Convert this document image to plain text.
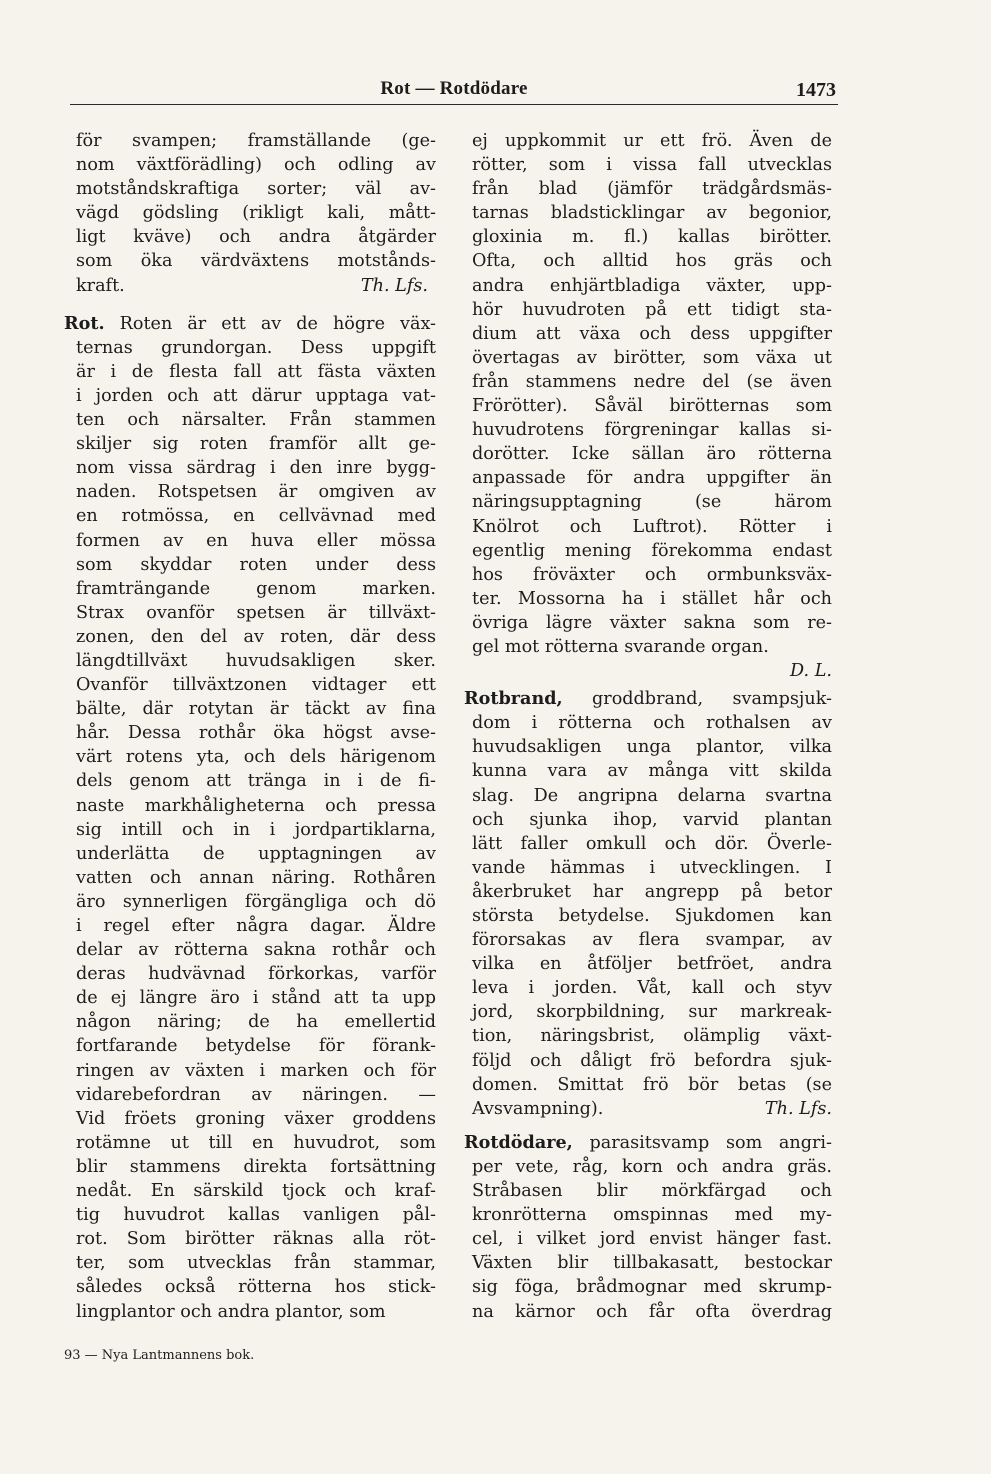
Rot — Rotdödare	1473
för svampen; framställande (ge-
nom växtförädling) och odling av
motståndskraftiga sorter; väl av-
vägd gödsling (rikligt kali, mått-
ligt kväve) och andra åtgärder
som öka värdväxtens motstånds-
kraft.	Th. Lfs.
Rot. Roten är ett av de högre väx-
ternas grundorgan. Dess uppgift
är i de flesta fall att fästa växten
i jorden och att därur upptaga vat-
ten och närsalter. Från stammen
skiljer sig roten framför allt ge-
nom vissa särdrag i den inre bygg-
naden. Rotspetsen är omgiven av
en rotmössa, en cellvävnad med
formen av en huva eller mössa
som skyddar roten under dess
framträngande genom marken.
Strax ovanför spetsen är tillväxt-
zonen, den del av roten, där dess
längdtillväxt huvudsakligen sker.
Ovanför tillväxtzonen vidtager ett
bälte, där rotytan är täckt av fina
hår. Dessa rothår öka högst avse-
värt rotens yta, och dels härigenom
dels genom att tränga in i de fi-
naste markhåligheterna och pressa
sig intill och in i jordpartiklarna,
underlätta de upptagningen av
vatten och annan näring. Rothåren
äro synnerligen förgängliga och dö
i regel efter några dagar. Äldre
delar av rötterna sakna rothår och
deras hudvävnad förkorkas, varför
de ej längre äro i stånd att ta upp
någon näring; de ha emellertid
fortfarande betydelse för förank-
ringen av växten i marken och för
vidarebefordran av näringen. —
Vid fröets groning växer groddens
rotämne ut till en huvudrot, som
blir stammens direkta fortsättning
nedåt. En särskild tjock och kraf-
tig huvudrot kallas vanligen pål-
rot. Som birötter räknas alla röt-
ter, som utvecklas från stammar,
således också rötterna hos stick-
lingplantor och andra plantor, som
ej uppkommit ur ett frö. Även de
rötter, som i vissa fall utvecklas
från blad (jämför trädgårdsmäs-
tarnas bladsticklingar av begonior,
gloxinia m. fl.) kallas birötter.
Ofta, och alltid hos gräs och
andra enhjärtbladiga växter, upp-
hör huvudroten på ett tidigt sta-
dium att växa och dess uppgifter
övertagas av birötter, som växa ut
från stammens nedre del (se även
Frörötter). Såväl birötternas som
huvudrotens förgreningar kallas si-
dorötter. Icke sällan äro rötterna
anpassade för andra uppgifter än
näringsupptagning (se härom
Knölrot och Luftrot). Rötter i
egentlig mening förekomma endast
hos fröväxter och ormbunksväx-
ter. Mossorna ha i stället hår och
övriga lägre växter sakna som re-
gel mot rötterna svarande organ.
D. L.
Rotbrand, groddbrand, svampsjuk-
dom i rötterna och rothalsen av
huvudsakligen unga plantor, vilka
kunna vara av många vitt skilda
slag. De angripna delarna svartna
och sjunka ihop, varvid plantan
lätt faller omkull och dör. Överle-
vande hämmas i utvecklingen. I
åkerbruket har angrepp på betor
största betydelse. Sjukdomen kan
förorsakas av flera svampar, av
vilka en åtföljer betfröet, andra
leva i jorden. Våt, kall och styv
jord, skorpbildning, sur markreak-
tion, näringsbrist, olämplig växt-
följd och dåligt frö befordra sjuk-
domen. Smittat frö bör betas (se
Avsvampning).	Th. Lfs.
Rotdödare, parasitsvamp som angri-
per vete, råg, korn och andra gräs.
Stråbasen blir mörkfärgad och
kronrötterna omspinnas med my-
cel, i vilket jord envist hänger fast.
Växten blir tillbakasatt, bestockar
sig föga, brådmognar med skrump-
na kärnor och får ofta överdrag
93 — Nya Lantmannens bok.
